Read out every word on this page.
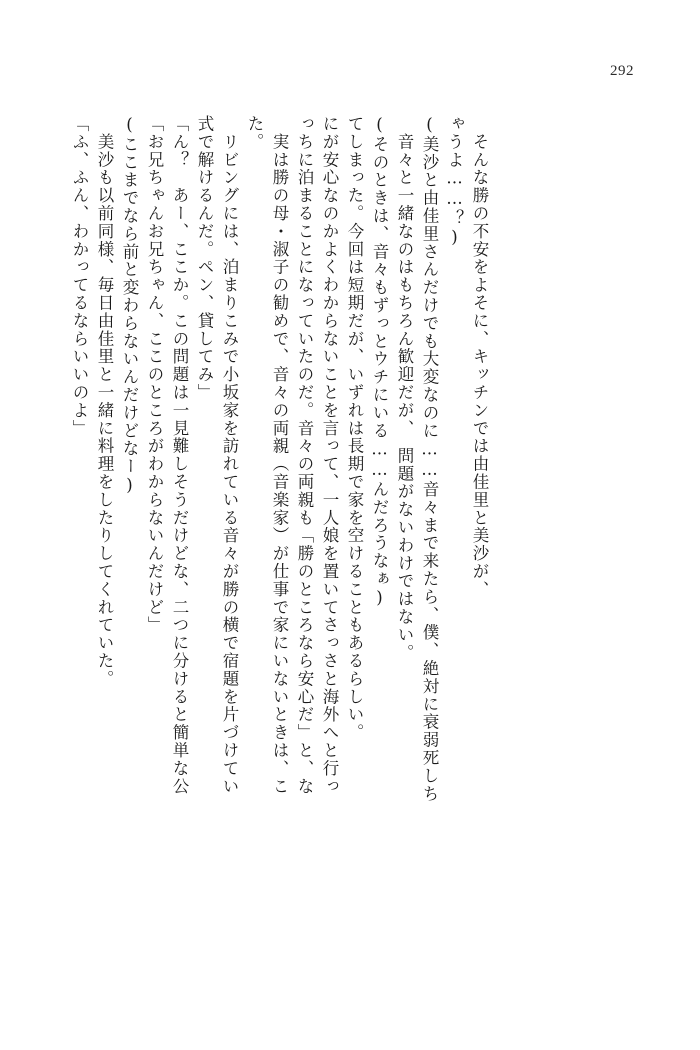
292
「ふ、ふん、わかってるならいいのよ」 　美沙も以前同様、毎日由佳里と一緒に料理をしたりしてくれていた。 (ここまでなら前と変わらないんだけどなー) 「お兄ちゃんお兄ちゃん、ここのところがわからないんだけど」 「ん？　あー、ここか。この問題は一見難しそうだけどな、二つに分けると簡単な公 式で解けるんだ。ペン、貸してみ」 　リビングには、泊まりこみで小坂家を訪れている音々が勝の横で宿題を片づけてい た。 　実は勝の母・淑子の勧めで、音々の両親（音楽家）が仕事で家にいないときは、こ っちに泊まることになっていたのだ。音々の両親も「勝のところなら安心だ」と、な にが安心なのかよくわからないことを言って、一人娘を置いてさっさと海外へと行っ てしまった。今回は短期だが、いずれは長期で家を空けることもあるらしい。 (そのときは、音々もずっとウチにいる……んだろうなぁ) 　音々と一緒なのはもちろん歓迎だが、　問題がないわけではない。 (美沙と由佳里さんだけでも大変なのに……音々まで来たら、僕、絶対に衰弱死しち ゃうよ……？) 　そんな勝の不安をよそに、キッチンでは由佳里と美沙が、
